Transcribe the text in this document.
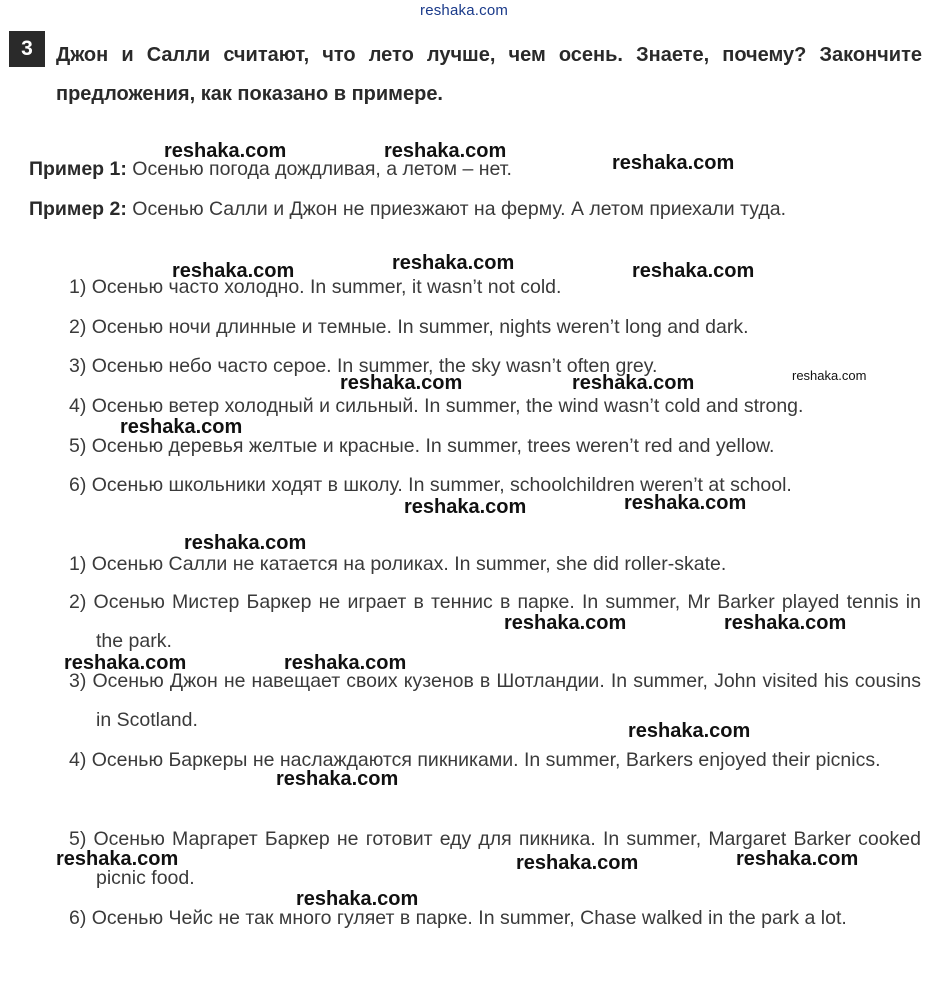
reshaka.com
3	Джон и Салли считают, что лето лучше, чем осень. Знаете, почему? Закончите предложения, как показано в примере.
Пример 1: Осенью погода дождливая, а летом – нет.
Пример 2: Осенью Салли и Джон не приезжают на ферму. А летом приехали туда.
1) Осенью часто холодно. In summer, it wasn’t not cold.
2) Осенью ночи длинные и темные. In summer, nights weren’t long and dark.
3) Осенью небо часто серое. In summer, the sky wasn’t often grey.
4) Осенью ветер холодный и сильный. In summer, the wind wasn’t cold and strong.
5) Осенью деревья желтые и красные. In summer, trees weren’t red and yellow.
6) Осенью школьники ходят в школу. In summer, schoolchildren weren’t at school.
1) Осенью Салли не катается на роликах. In summer, she did roller-skate.
2) Осенью Мистер Баркер не играет в теннис в парке. In summer, Mr Barker played tennis in the park.
3) Осенью Джон не навещает своих кузенов в Шотландии. In summer, John visited his cousins in Scotland.
4) Осенью Баркеры не наслаждаются пикниками. In summer, Barkers enjoyed their picnics.
5) Осенью Маргарет Баркер не готовит еду для пикника. In summer, Margaret Barker cooked picnic food.
6) Осенью Чейс не так много гуляет в парке. In summer, Chase walked in the park a lot.
reshaka.com	reshaka.com
reshaka.com
reshaka.com	reshaka.com	reshaka.com
reshaka.com
reshaka.com	reshaka.com
reshaka.com
reshaka.com	reshaka.com
reshaka.com
reshaka.com	reshaka.com
reshaka.com	reshaka.com
reshaka.com
reshaka.com
reshaka.com	reshaka.com	reshaka.com
reshaka.com
